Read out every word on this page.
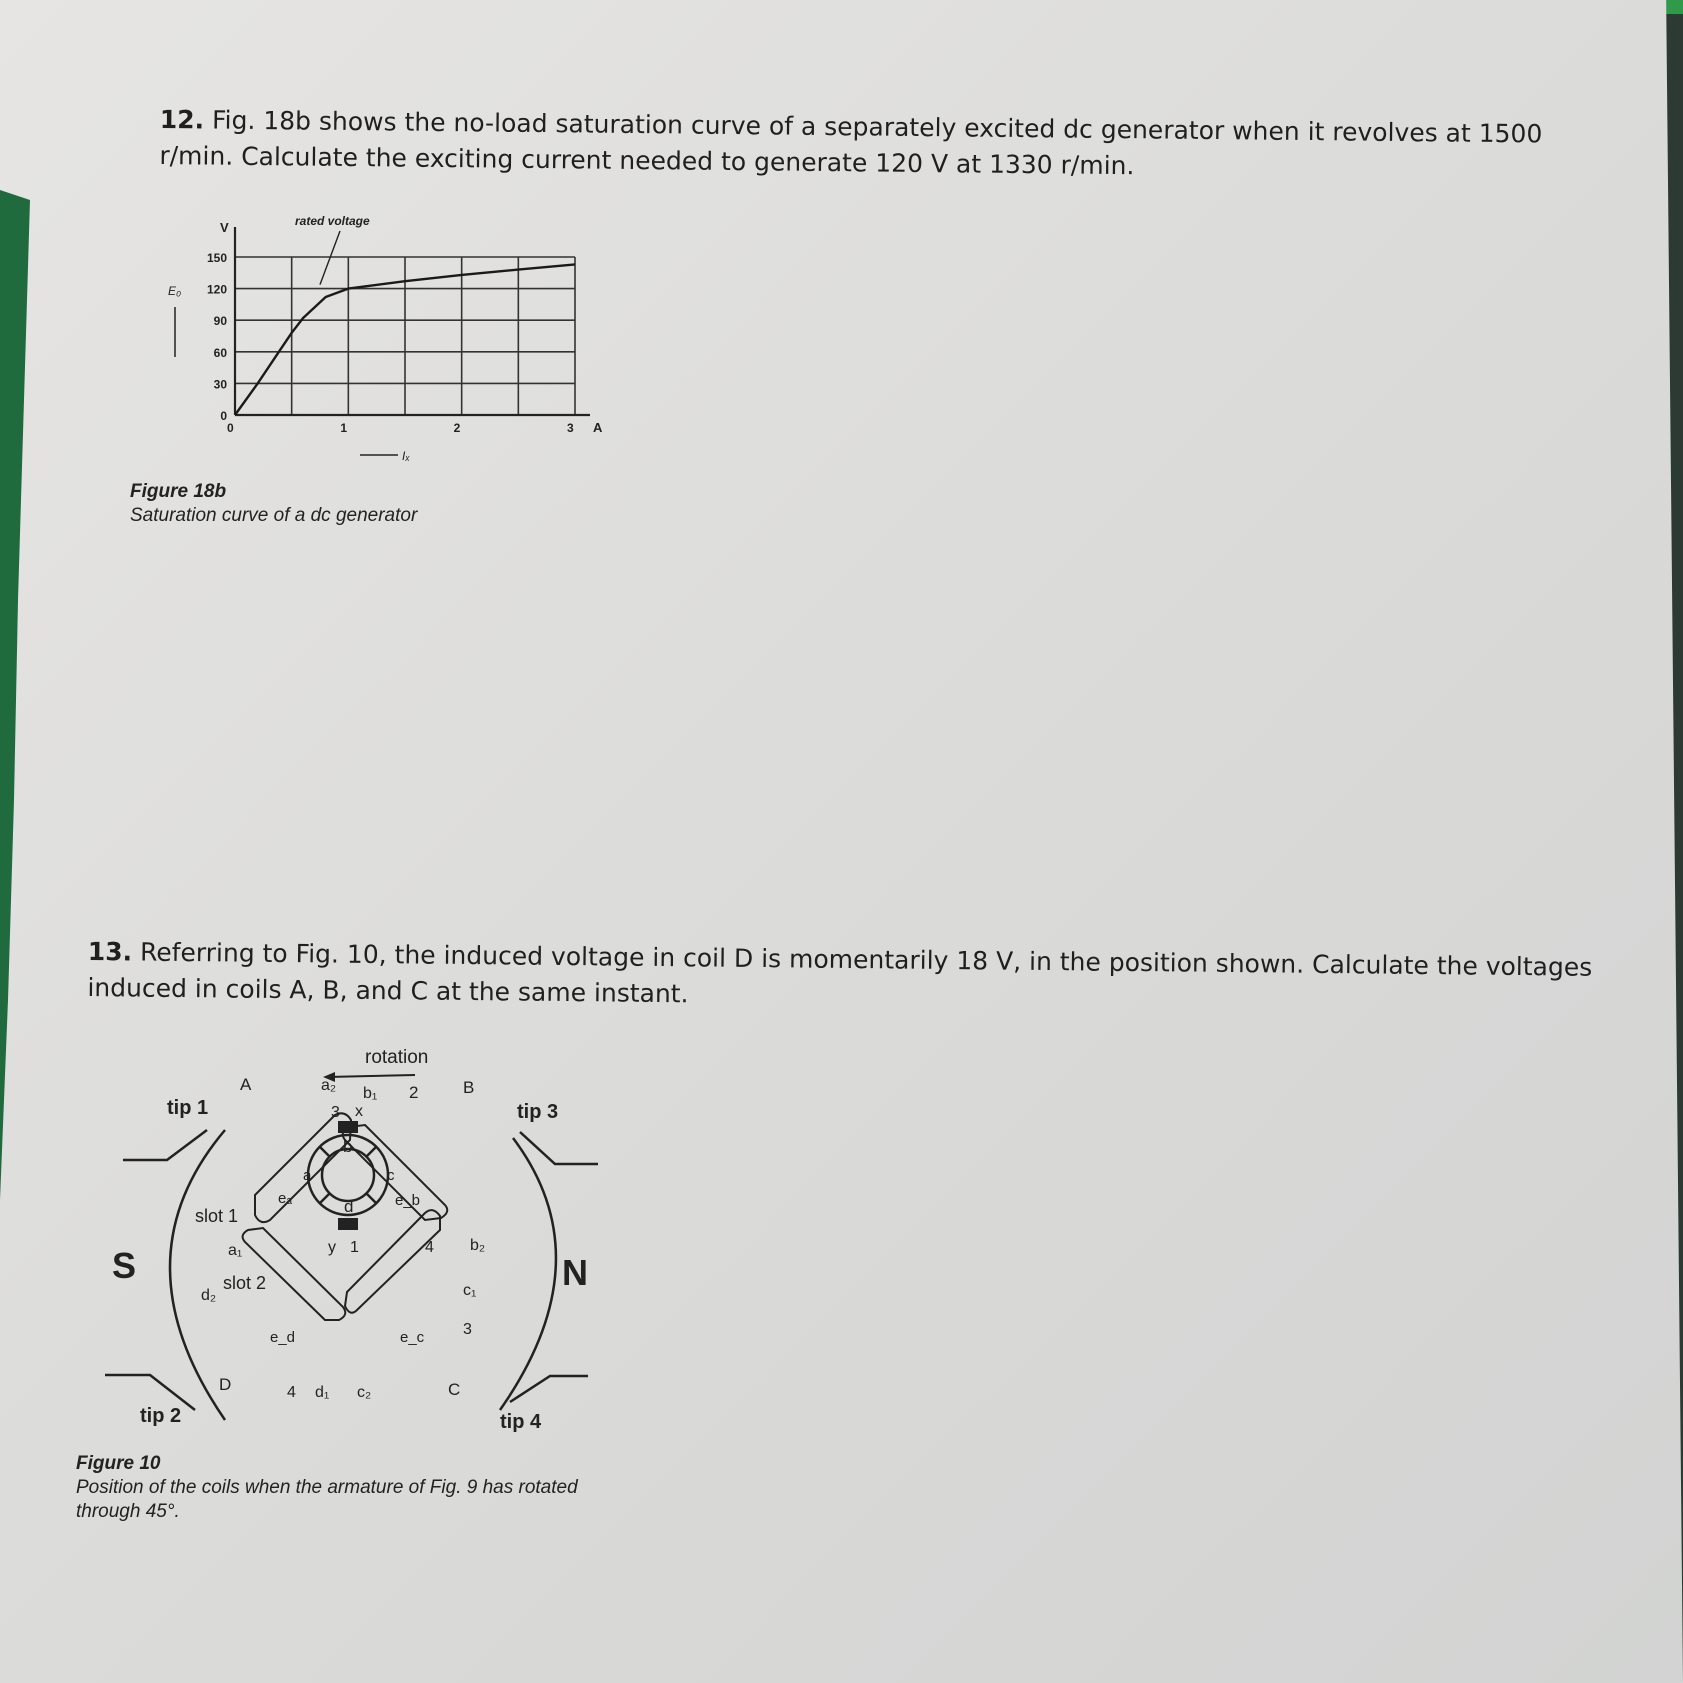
12. Fig. 18b shows the no-load saturation curve of a separately excited dc generator when it revolves at 1500 r/min. Calculate the exciting current needed to generate 120 V at 1330 r/min.
0
30
60
90
120
150
0	1	2	3
V
A
E₀
Iₓ
rated voltage
Figure 18b
Saturation curve of a dc generator
13. Referring to Fig. 10, the induced voltage in coil D is momentarily 18 V, in the position shown. Calculate the voltages induced in coils A, B, and C at the same instant.
rotation
S	N
tip 1
tip 2
tip 3
tip 4
a
b
c
d
A	B
C
D
slot 1
slot 2
a₁
a₂ b₁
b₂
c₁
c₂
d₁
d₂
eₐ	e_b
e_c
e_d
x
y
3
2
4
3
1
4
Figure 10
Position of the coils when the armature of Fig. 9 has rotated through 45°.
